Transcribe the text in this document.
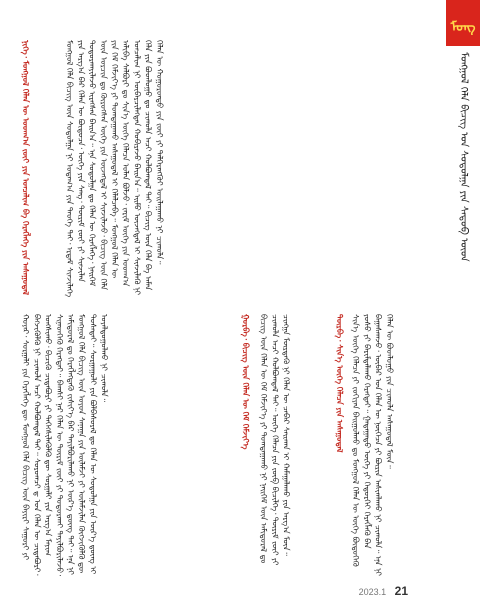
ᠮᠣᠩ
ᠮᠣᠩᠭᠣᠯ ᠬᠡᠯᠡ ᠪᠢᠴᠢᠭ ᠤᠨ ᠰᠤᠳᠤᠯᠭᠠ ᠶᠢᠨ ᠰᠡᠳᠦᠪ ᠦᠳ
ᠨᠢᠭᠡ᠂ ᠮᠣᠩᠭᠣᠯ ᠬᠡᠯᠡᠨ ᠦ ᠤᠳᠬ᠎ᠠ ᠵᠦᠢ ᠶᠢᠨ ᠣᠨᠴᠠᠯᠢᠭ ᠪᠠ ᠬᠡᠷᠡᠭᠯᠡᠭᠡ ᠶᠢᠨ ᠠᠰᠠᠭᠤᠳᠠᠯ	ᠮᠣᠩᠭᠣᠯ ᠬᠡᠯᠡ ᠪᠢᠴᠢᠭ ᠦᠨ ᠰᠤᠳᠤᠯᠭᠠ ᠨᠢ ᠤᠳᠠᠭ᠎ᠠ ᠶᠢᠨ ᠲᠡᠦᠬᠡ ᠲᠡᠢ᠂ ᠡᠷᠳᠡᠮ ᠰᠢᠨᠵᠢᠯᠡᠭᠡ ᠶᠢᠨ ᠠᠷᠭ᠎ᠠ ᠪᠠᠷ ᠬᠡᠯᠡᠨ ᠦ ᠪᠦᠲᠦᠴᠡ᠂ ᠦᠭᠡ ᠶᠢᠨ ᠰᠠᠩ᠂ ᠳᠦᠷᠢᠮ ᠵᠦᠢ ᠶᠢ ᠰᠢᠨᠵᠢᠯᠡᠨ ᠲᠣᠳᠣᠷᠬᠠᠶᠢᠯᠠᠵᠤ ᠢᠷᠡᠭᠰᠡᠨ ᠪᠠᠢᠨ᠎ᠠ᠃ ᠡᠨᠡ ᠰᠤᠳᠤᠯᠭᠠ ᠳᠤ ᠬᠡᠯᠡᠨ ᠦ ᠬᠡᠷᠡᠭᠯᠡᠭᠡ᠂ ᠨᠡᠢᠭᠡᠮ ᠦᠨ ᠣᠷᠴᠢᠨ ᠳᠤ ᠬᠦᠷᠦᠭᠰᠡᠨ ᠥᠭᠡ ᠶᠢᠨ ᠦᠵᠡᠭᠳᠡᠯ ᠢ ᠰᠢᠨᠵᠢᠯᠡᠵᠦ᠂ ᠪᠢᠴᠢᠭ ᠦᠨ ᠬᠡᠯᠡ ᠶᠢᠨ ᠬᠡᠮ ᠬᠡᠮᠵᠢᠶ᠎ᠡ ᠶᠢ ᠲᠣᠭᠲᠠᠭᠠᠬᠤ ᠠᠰᠠᠭᠤᠳᠠᠯ ᠢ ᠬᠡᠯᠡᠯᠴᠡᠪᠡ᠃ ᠮᠣᠩᠭᠣᠯ ᠬᠡᠯᠡᠨ ᠦ ᠠᠯᠢᠪᠠ ᠰᠠᠯᠪᠤᠷᠢ ᠳᠤ ᠰᠢᠨ᠎ᠡ ᠦᠭᠡ ᠬᠡᠯᠡᠴᠡ ᠣᠯᠠᠨ ᠪᠣᠯᠵᠤ᠂ ᠵᠠᠷᠢᠮ ᠦᠭᠡ ᠶᠢᠨ ᠤᠳᠬ᠎ᠠ ᠣᠨᠴᠠᠯᠢᠭ ᠨᠢ ᠥᠪᠡᠷᠴᠢᠯᠡᠭᠳᠡᠨ ᠬᠤᠪᠢᠷᠠᠵᠤ ᠪᠠᠢᠨ᠎ᠠ᠃ ᠡᠢᠮᠦ ᠦᠵᠡᠭᠳᠡᠯ ᠢ ᠰᠢᠨᠵᠢᠯᠡᠬᠦ ᠨᠢ ᠬᠡᠯᠡ ᠶᠢᠨ ᠪᠣᠳᠯᠣᠭᠣ ᠳᠤ ᠴᠢᠬᠤᠯᠠ ᠠᠴᠢ ᠬᠣᠯᠪᠣᠭᠳᠠᠯ ᠲᠠᠢ᠃ ᠪᠢᠴᠢᠭ ᠦᠨ ᠬᠡᠯᠡ ᠪᠠ ᠠᠮᠠᠨ ᠬᠡᠯᠡᠨ ᠦ ᠬᠣᠭᠣᠷᠣᠨᠳᠤ ᠶᠢᠨ ᠵᠦᠢ ᠶᠢ ᠳᠡᠯᠭᠡᠷᠡᠩᠭᠦᠢ ᠣᠢᠯᠠᠭᠠᠬᠤ ᠨᠢ ᠴᠢᠬᠤᠯᠠ᠃
ᠬᠣᠶᠠᠷ᠂ ᠰᠤᠷᠭᠠᠯᠢ ᠶᠢᠨ ᠬᠡᠷᠡᠭᠯᠡᠭᠡ ᠳᠦ ᠮᠣᠩᠭᠣᠯ ᠬᠡᠯᠡ ᠪᠢᠴᠢᠭ ᠦᠨ ᠪᠠᠶᠢᠷᠢ ᠰᠠᠭᠤᠷᠢ ᠶᠢ ᠪᠡᠬᠵᠢᠭᠦᠯᠬᠦ ᠨᠢ ᠴᠢᠬᠤᠯᠠ ᠠᠴᠢ ᠬᠣᠯᠪᠣᠭᠳᠠᠯ ᠲᠠᠢ᠃ ᠰᠤᠷᠤᠭᠴᠢ ᠳ ᠤᠨ ᠬᠡᠯᠡᠨ ᠦ ᠴᠢᠳᠠᠪᠤᠷᠢ᠂ ᠤᠩᠰᠢᠬᠤ᠂ ᠪᠢᠴᠢᠬᠦ ᠴᠢᠳᠠᠪᠤᠷᠢ ᠶᠢ ᠳᠡᠭᠡᠭᠰᠢᠯᠡᠭᠦᠯᠬᠦ ᠳᠦ ᠰᠤᠷᠭᠠᠯᠢ ᠶᠢᠨ ᠠᠷᠭ᠎ᠠ ᠮᠠᠶᠢᠭ ᠰᠢᠨᠡᠳᠬᠡᠬᠦ ᠬᠡᠷᠡᠭᠲᠡᠢ᠃ ᠪᠠᠭᠰᠢ ᠨᠠᠷ ᠬᠡᠯᠡᠨ ᠦ ᠳᠦᠷᠢᠮ ᠵᠦᠢ ᠶᠢ ᠲᠣᠳᠣᠷᠬᠠᠢ ᠲᠠᠶᠢᠯᠪᠤᠷᠢᠯᠠᠵᠤ᠂ ᠠᠮᠢᠳᠤᠷᠠᠯ ᠳᠤ ᠬᠡᠷᠡᠭᠯᠡᠭᠳᠡᠬᠦ ᠵᠢᠱᠢᠶ᠎ᠡ ᠪᠠᠷ ᠲᠠᠶᠢᠯᠪᠤᠷᠢᠯᠠᠬᠤ ᠨᠢ ᠦᠷ᠎ᠡ ᠳ᠋ᠦᠩ ᠲᠠᠢ᠃ ᠡᠨᠡ ᠨᠢ ᠮᠣᠩᠭᠣᠯ ᠬᠡᠯᠡ ᠪᠢᠴᠢᠭ ᠦᠨ ᠣᠶᠤᠨ ᠰᠠᠨᠠᠭᠠ ᠶᠢᠨ ᠦᠯᠡᠮᠵᠢ ᠶᠢ ᠦᠯᠡᠮᠵᠢᠯᠡᠨ ᠬᠦᠭᠵᠢᠭᠦᠯᠬᠦ ᠳᠦ ᠲᠤᠰᠠᠲᠠᠢ᠃ ᠰᠤᠷᠭᠠᠭᠤᠯᠢ ᠶᠢᠨ ᠪᠣᠯᠪᠠᠰᠤᠷᠠᠯ ᠳᠤ ᠬᠡᠯᠡᠨ ᠦ ᠰᠤᠳᠤᠯᠭᠠ ᠶᠢᠨ ᠦᠷ᠎ᠡ ᠳ᠋ᠦᠩ ᠢ ᠤᠶᠠᠯᠳᠤᠭᠤᠯᠬᠤ ᠨᠢ ᠴᠢᠬᠤᠯᠠ᠃	ᠭᠤᠷᠪᠠ᠂ ᠪᠢᠴᠢᠭ ᠦᠨ ᠬᠡᠯᠡᠨ ᠦ ᠬᠡᠮ ᠬᠡᠮᠵᠢᠶ᠎ᠡ	ᠪᠢᠴᠢᠭ ᠦᠨ ᠬᠡᠯᠡᠨ ᠦ ᠬᠡᠮ ᠬᠡᠮᠵᠢᠶ᠎ᠡ ᠶᠢ ᠲᠣᠭᠲᠠᠭᠠᠬᠤ ᠨᠢ ᠨᠡᠢᠭᠡᠮ ᠦᠨ ᠠᠮᠢᠳᠤᠷᠠᠯ ᠳᠤ ᠴᠢᠬᠤᠯᠠ ᠠᠴᠢ ᠬᠣᠯᠪᠣᠭᠳᠠᠯ ᠲᠠᠢ᠃ ᠦᠭᠡ ᠬᠡᠯᠡᠴᠡ ᠶᠢᠨ ᠵᠥᠪ ᠪᠢᠴᠢᠯᠭᠡ᠂ ᠳᠦᠷᠢᠮ ᠵᠦᠢ ᠶᠢ ᠴᠢᠩᠭᠠ ᠮᠥᠷᠳᠡᠬᠦ ᠨᠢ ᠬᠡᠯᠡᠨ ᠦ ᠴᠡᠪᠡᠷ ᠰᠠᠢᠬᠠᠨ ᠢ ᠬᠠᠮᠠᠭᠠᠯᠠᠬᠤ ᠶᠢᠨ ᠠᠷᠭ᠎ᠠ ᠮᠥᠨ᠃	ᠳᠥᠷᠪᠡ᠂ ᠰᠢᠨ᠎ᠡ ᠦᠭᠡ ᠬᠡᠯᠡᠴᠡ ᠶᠢᠨ ᠠᠰᠠᠭᠤᠳᠠᠯ ᠰᠢᠨ᠎ᠡ ᠦᠭᠡ ᠬᠡᠯᠡᠴᠡ ᠶᠢ ᠵᠣᠬᠢᠶᠠᠨ ᠪᠠᠢᠭᠤᠯᠬᠤ ᠳᠤ ᠮᠣᠩᠭᠣᠯ ᠬᠡᠯᠡᠨ ᠦ ᠦᠭᠡ ᠪᠦᠲᠦᠭᠡᠬᠦ ᠶᠣᠰᠣ ᠶᠢ ᠪᠠᠷᠢᠮᠲᠠᠯᠠᠬᠤ ᠬᠡᠷᠡᠭᠲᠡᠢ᠃ ᠭᠠᠳᠠᠭᠠᠳᠤ ᠦᠭᠡ ᠶᠢ ᠬᠡᠲᠦᠷᠬᠡᠢ ᠬᠡᠷᠡᠭᠯᠡᠬᠦ ᠪᠡᠨ ᠪᠠᠭᠠᠰᠬᠠᠵᠤ᠂ ᠥᠪᠡᠷ ᠤᠨ ᠬᠡᠯᠡᠨ ᠦ ᠨᠥᠭᠡᠴᠡ ᠶᠢ ᠪᠦᠷᠢᠨ ᠠᠰᠢᠭᠯᠠᠬᠤ ᠨᠢ ᠴᠢᠬᠤᠯᠠ᠃ ᠡᠨᠡ ᠨᠢ ᠬᠡᠯᠡᠨ ᠦ ᠪᠣᠳᠯᠣᠭᠣ ᠶᠢᠨ ᠴᠢᠬᠤᠯᠠ ᠠᠰᠠᠭᠤᠳᠠᠯ ᠮᠥᠨ᠃
2023.1 21
